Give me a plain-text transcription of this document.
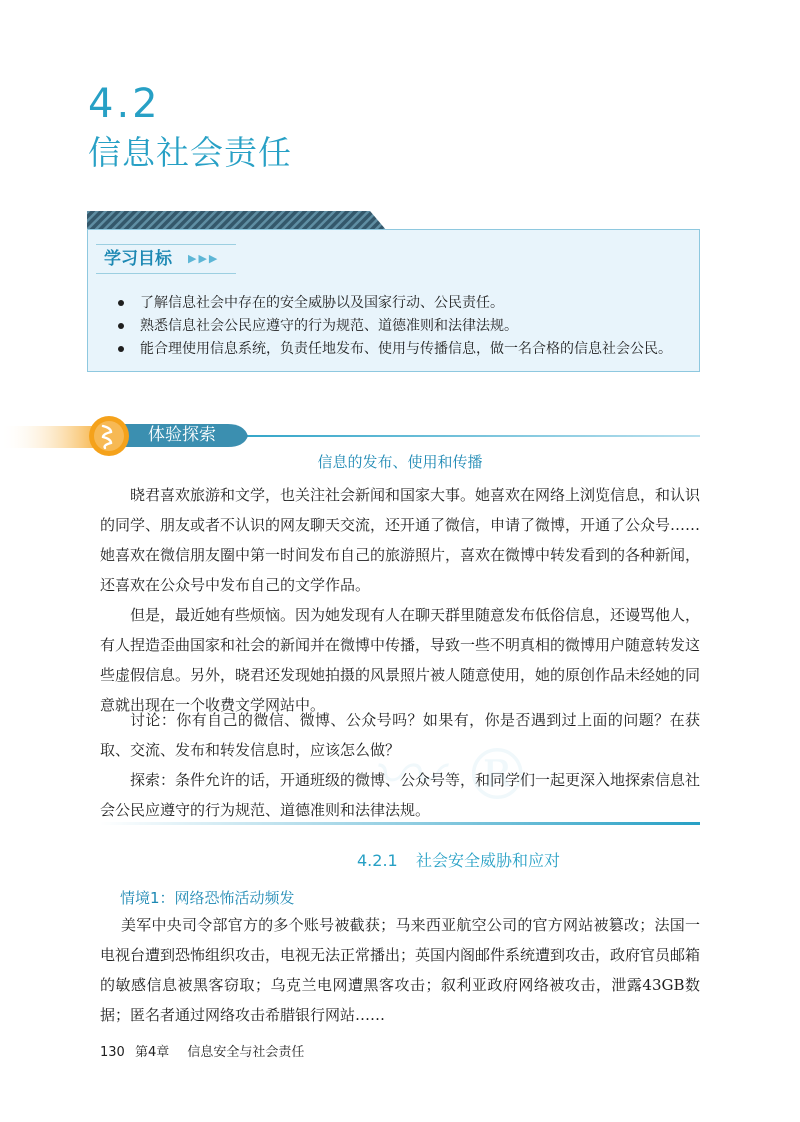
4.2
信息社会责任
学习目标 ▶▶▶
了解信息社会中存在的安全威胁以及国家行动、公民责任。
熟悉信息社会公民应遵守的行为规范、道德准则和法律法规。
能合理使用信息系统，负责任地发布、使用与传播信息，做一名合格的信息社会公民。
体验探索
信息的发布、使用和传播

晓君喜欢旅游和文学，也关注社会新闻和国家大事。她喜欢在网络上浏览信息，和认识的同学、朋友或者不认识的网友聊天交流，还开通了微信，申请了微博，开通了公众号……她喜欢在微信朋友圈中第一时间发布自己的旅游照片，喜欢在微博中转发看到的各种新闻，还喜欢在公众号中发布自己的文学作品。

但是，最近她有些烦恼。因为她发现有人在聊天群里随意发布低俗信息，还谩骂他人，有人捏造歪曲国家和社会的新闻并在微博中传播，导致一些不明真相的微博用户随意转发这些虚假信息。另外，晓君还发现她拍摄的风景照片被人随意使用，她的原创作品未经她的同意就出现在一个收费文学网站中。

讨论：你有自己的微信、微博、公众号吗？如果有，你是否遇到过上面的问题？在获取、交流、发布和转发信息时，应该怎么做？

探索：条件允许的话，开通班级的微博、公众号等，和同学们一起更深入地探索信息社会公民应遵守的行为规范、道德准则和法律法规。

〰 ®
4.2.1 社会安全威胁和应对
情境1：网络恐怖活动频发

美军中央司令部官方的多个账号被截获；马来西亚航空公司的官方网站被篡改；法国一电视台遭到恐怖组织攻击，电视无法正常播出；英国内阁邮件系统遭到攻击，政府官员邮箱的敏感信息被黑客窃取；乌克兰电网遭黑客攻击；叙利亚政府网络被攻击，泄露43GB数据；匿名者通过网络攻击希腊银行网站……

130 第4章 信息安全与社会责任
